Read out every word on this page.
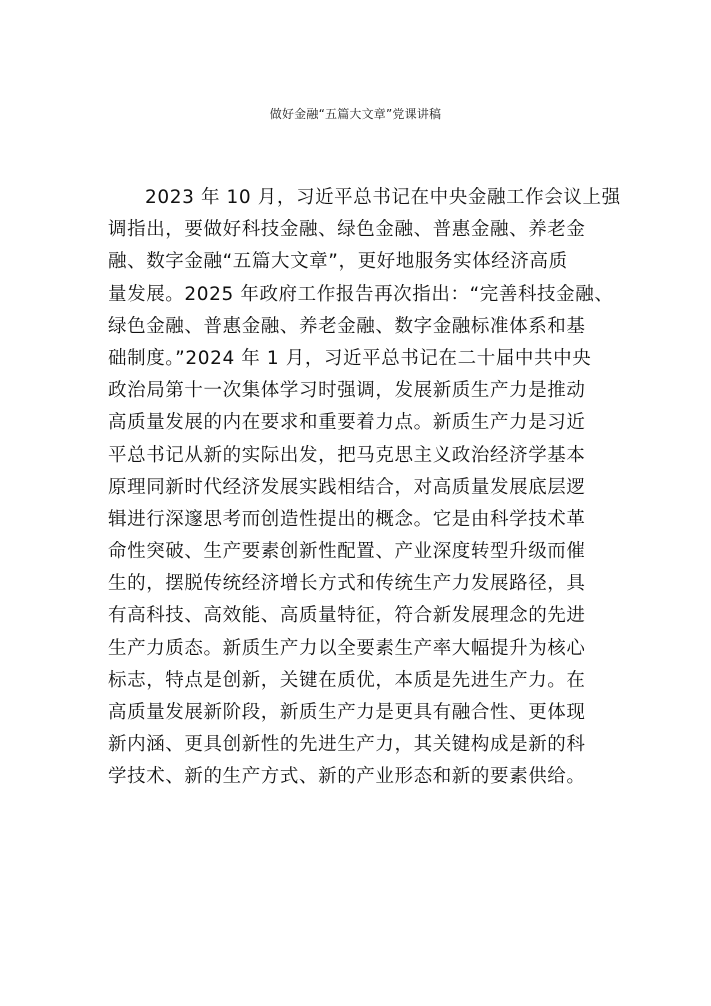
做好金融“五篇大文章”党课讲稿
2023 年 10 月，习近平总书记在中央金融工作会议上强
调指出，要做好科技金融、绿色金融、普惠金融、养老金
融、数字金融“五篇大文章”，更好地服务实体经济高质
量发展。2025 年政府工作报告再次指出：“完善科技金融、
绿色金融、普惠金融、养老金融、数字金融标准体系和基
础制度。”2024 年 1 月，习近平总书记在二十届中共中央
政治局第十一次集体学习时强调，发展新质生产力是推动
高质量发展的内在要求和重要着力点。新质生产力是习近
平总书记从新的实际出发，把马克思主义政治经济学基本
原理同新时代经济发展实践相结合，对高质量发展底层逻
辑进行深邃思考而创造性提出的概念。它是由科学技术革
命性突破、生产要素创新性配置、产业深度转型升级而催
生的，摆脱传统经济增长方式和传统生产力发展路径，具
有高科技、高效能、高质量特征，符合新发展理念的先进
生产力质态。新质生产力以全要素生产率大幅提升为核心
标志，特点是创新，关键在质优，本质是先进生产力。在
高质量发展新阶段，新质生产力是更具有融合性、更体现
新内涵、更具创新性的先进生产力，其关键构成是新的科
学技术、新的生产方式、新的产业形态和新的要素供给。
